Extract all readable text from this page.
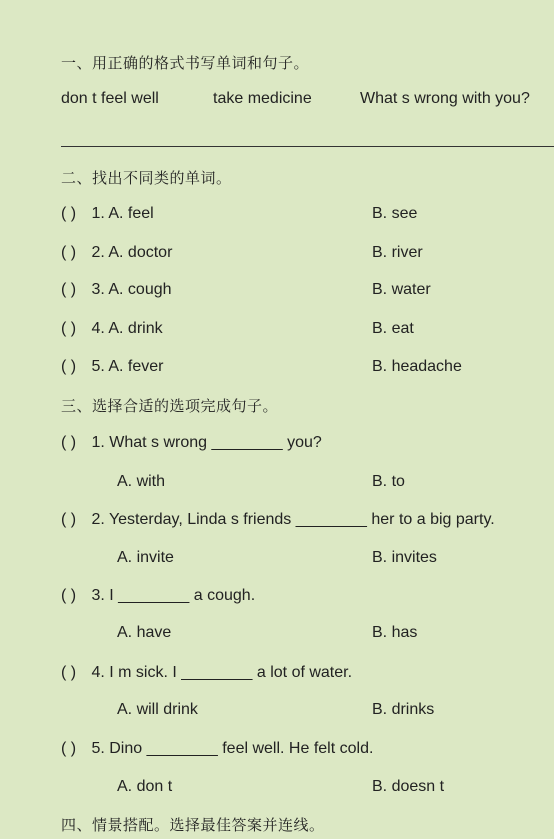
一、用正确的格式书写单词和句子。
don t feel well	take medicine	What s wrong with you?
二、找出不同类的单词。
( ) 1. A. feel	B. see
( ) 2. A. doctor	B. river
( ) 3. A. cough	B. water
( ) 4. A. drink	B. eat
( ) 5. A. fever	B. headache
三、选择合适的选项完成句子。
( ) 1. What s wrong ________ you?
A. with	B. to
( ) 2. Yesterday, Linda s friends ________ her to a big party.
A. invite	B. invites
( ) 3. I ________ a cough.
A. have	B. has
( ) 4. I m sick. I ________ a lot of water.
A. will drink	B. drinks
( ) 5. Dino ________ feel well. He felt cold.
A. don t	B. doesn t
四、情景搭配。选择最佳答案并连线。
